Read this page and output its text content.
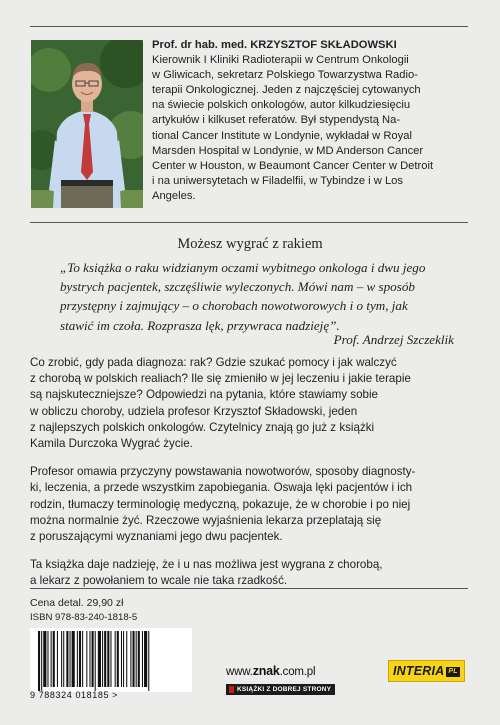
Prof. dr hab. med. KRZYSZTOF SKŁADOWSKI

Kierownik I Kliniki Radioterapii w Centrum Onkologii

w Gliwicach, sekretarz Polskiego Towarzystwa Radio-

terapii Onkologicznej. Jeden z najczęściej cytowanych

na świecie polskich onkologów, autor kilkudziesięciu

artykułów i kilkuset referatów. Był stypendystą Na-

tional Cancer Institute w Londynie, wykładał w Royal

Marsden Hospital w Londynie, w MD Anderson Cancer

Center w Houston, w Beaumont Cancer Center w Detroit

i na uniwersytetach w Filadelfii, w Tybindze i w Los

Angeles.

Możesz wygrać z rakiem

„To książka o raku widzianym oczami wybitnego onkologa i dwu jego

bystrych pacjentek, szczęśliwie wyleczonych. Mówi nam – w sposób

przystępny i zajmujący – o chorobach nowotworowych i o tym, jak

stawić im czoła. Rozprasza lęk, przywraca nadzieję”.

Prof. Andrzej Szczeklik

Co zrobić, gdy pada diagnoza: rak? Gdzie szukać pomocy i jak walczyć
z chorobą w polskich realiach? Ile się zmieniło w jej leczeniu i jakie terapie
są najskuteczniejsze? Odpowiedzi na pytania, które stawiamy sobie
w obliczu choroby, udziela profesor Krzysztof Składowski, jeden
z najlepszych polskich onkologów. Czytelnicy znają go już z książki
Kamila Durczoka Wygrać życie.

Profesor omawia przyczyny powstawania nowotworów, sposoby diagnosty-
ki, leczenia, a przede wszystkim zapobiegania. Oswaja lęki pacjentów i ich
rodzin, tłumaczy terminologię medyczną, pokazuje, że w chorobie i po niej
można normalnie żyć. Rzeczowe wyjaśnienia lekarza przeplatają się
z poruszającymi wyznaniami jego dwu pacjentek.

Ta książka daje nadzieję, że i u nas możliwa jest wygrana z chorobą,
a lekarz z powołaniem to wcale nie taka rzadkość.

Cena detal. 29,90 zł
ISBN 978-83-240-1818-5
9 788324 018185 >
www.znak.com.pl
KSIĄŻKI Z DOBREJ STRONY
INTERIA PL
